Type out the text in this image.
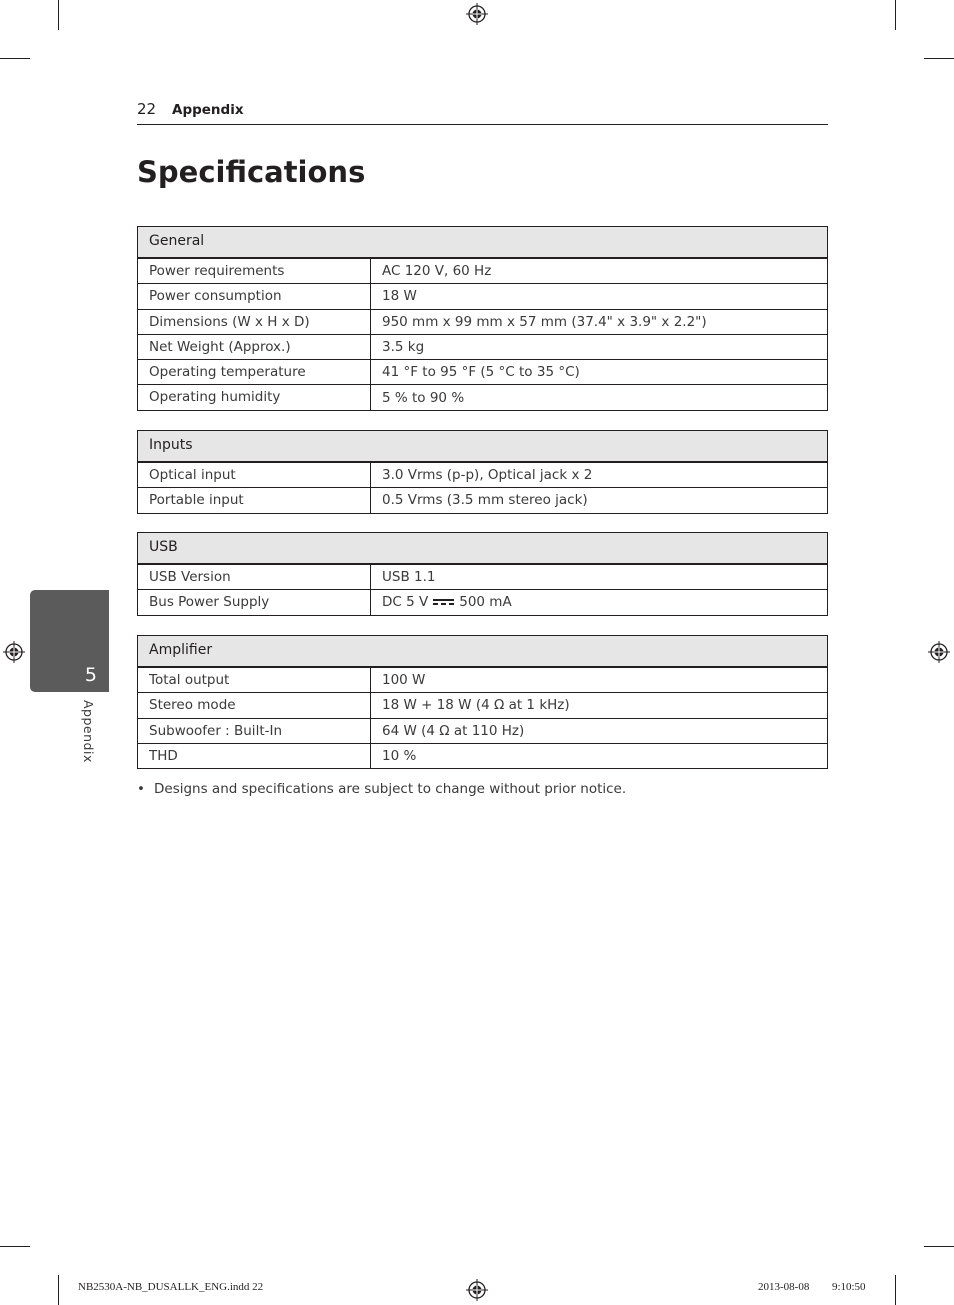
22 Appendix
Specifications
General
Power requirements	AC 120 V, 60 Hz
Power consumption	18 W
Dimensions (W x H x D)	950 mm x 99 mm x 57 mm (37.4" x 3.9" x 2.2")
Net Weight (Approx.)	3.5 kg
Operating temperature	41 °F to 95 °F (5 °C to 35 °C)
Operating humidity	5 % to 90 %
Inputs
Optical input	3.0 Vrms (p-p), Optical jack x 2
Portable input	0.5 Vrms (3.5 mm stereo jack)
USB
USB Version	USB 1.1
Bus Power Supply	DC 5 V 500 mA
Amplifier
Total output	100 W
Stereo mode	18 W + 18 W (4 Ω at 1 kHz)
Subwoofer : Built-In	64 W (4 Ω at 110 Hz)
THD	10 %
• Designs and specifications are subject to change without prior notice.
5
Appendix
NB2530A-NB_DUSALLK_ENG.indd 22	2013-08-08 ￿￿ 9:10:50
